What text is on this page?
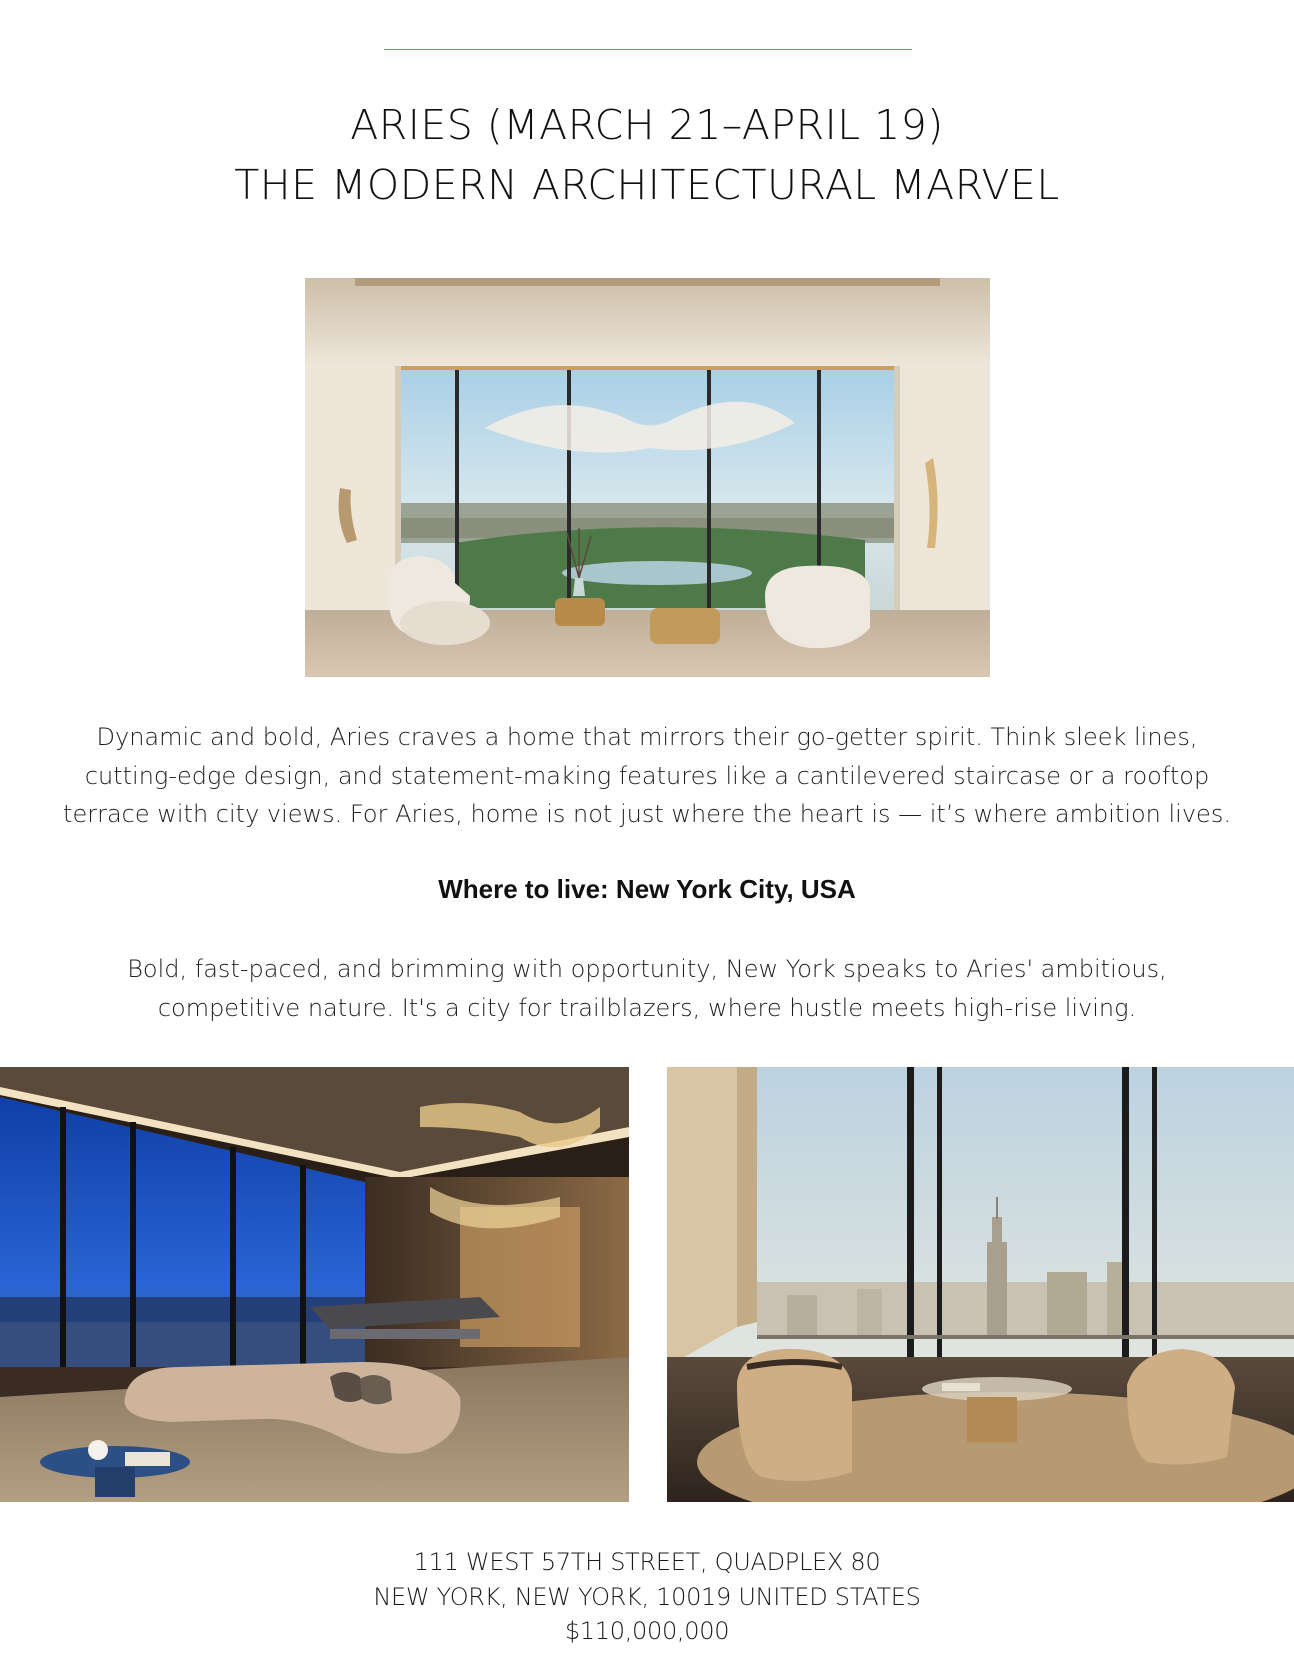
ARIES (MARCH 21–APRIL 19)
THE MODERN ARCHITECTURAL MARVEL
Dynamic and bold, Aries craves a home that mirrors their go-getter spirit. Think sleek lines,
cutting-edge design, and statement-making features like a cantilevered staircase or a rooftop
terrace with city views. For Aries, home is not just where the heart is — it’s where ambition lives.
Where to live: New York City, USA
Bold, fast-paced, and brimming with opportunity, New York speaks to Aries' ambitious,
competitive nature. It's a city for trailblazers, where hustle meets high-rise living.
111 WEST 57TH STREET, QUADPLEX 80
NEW YORK, NEW YORK, 10019 UNITED STATES
$110,000,000
